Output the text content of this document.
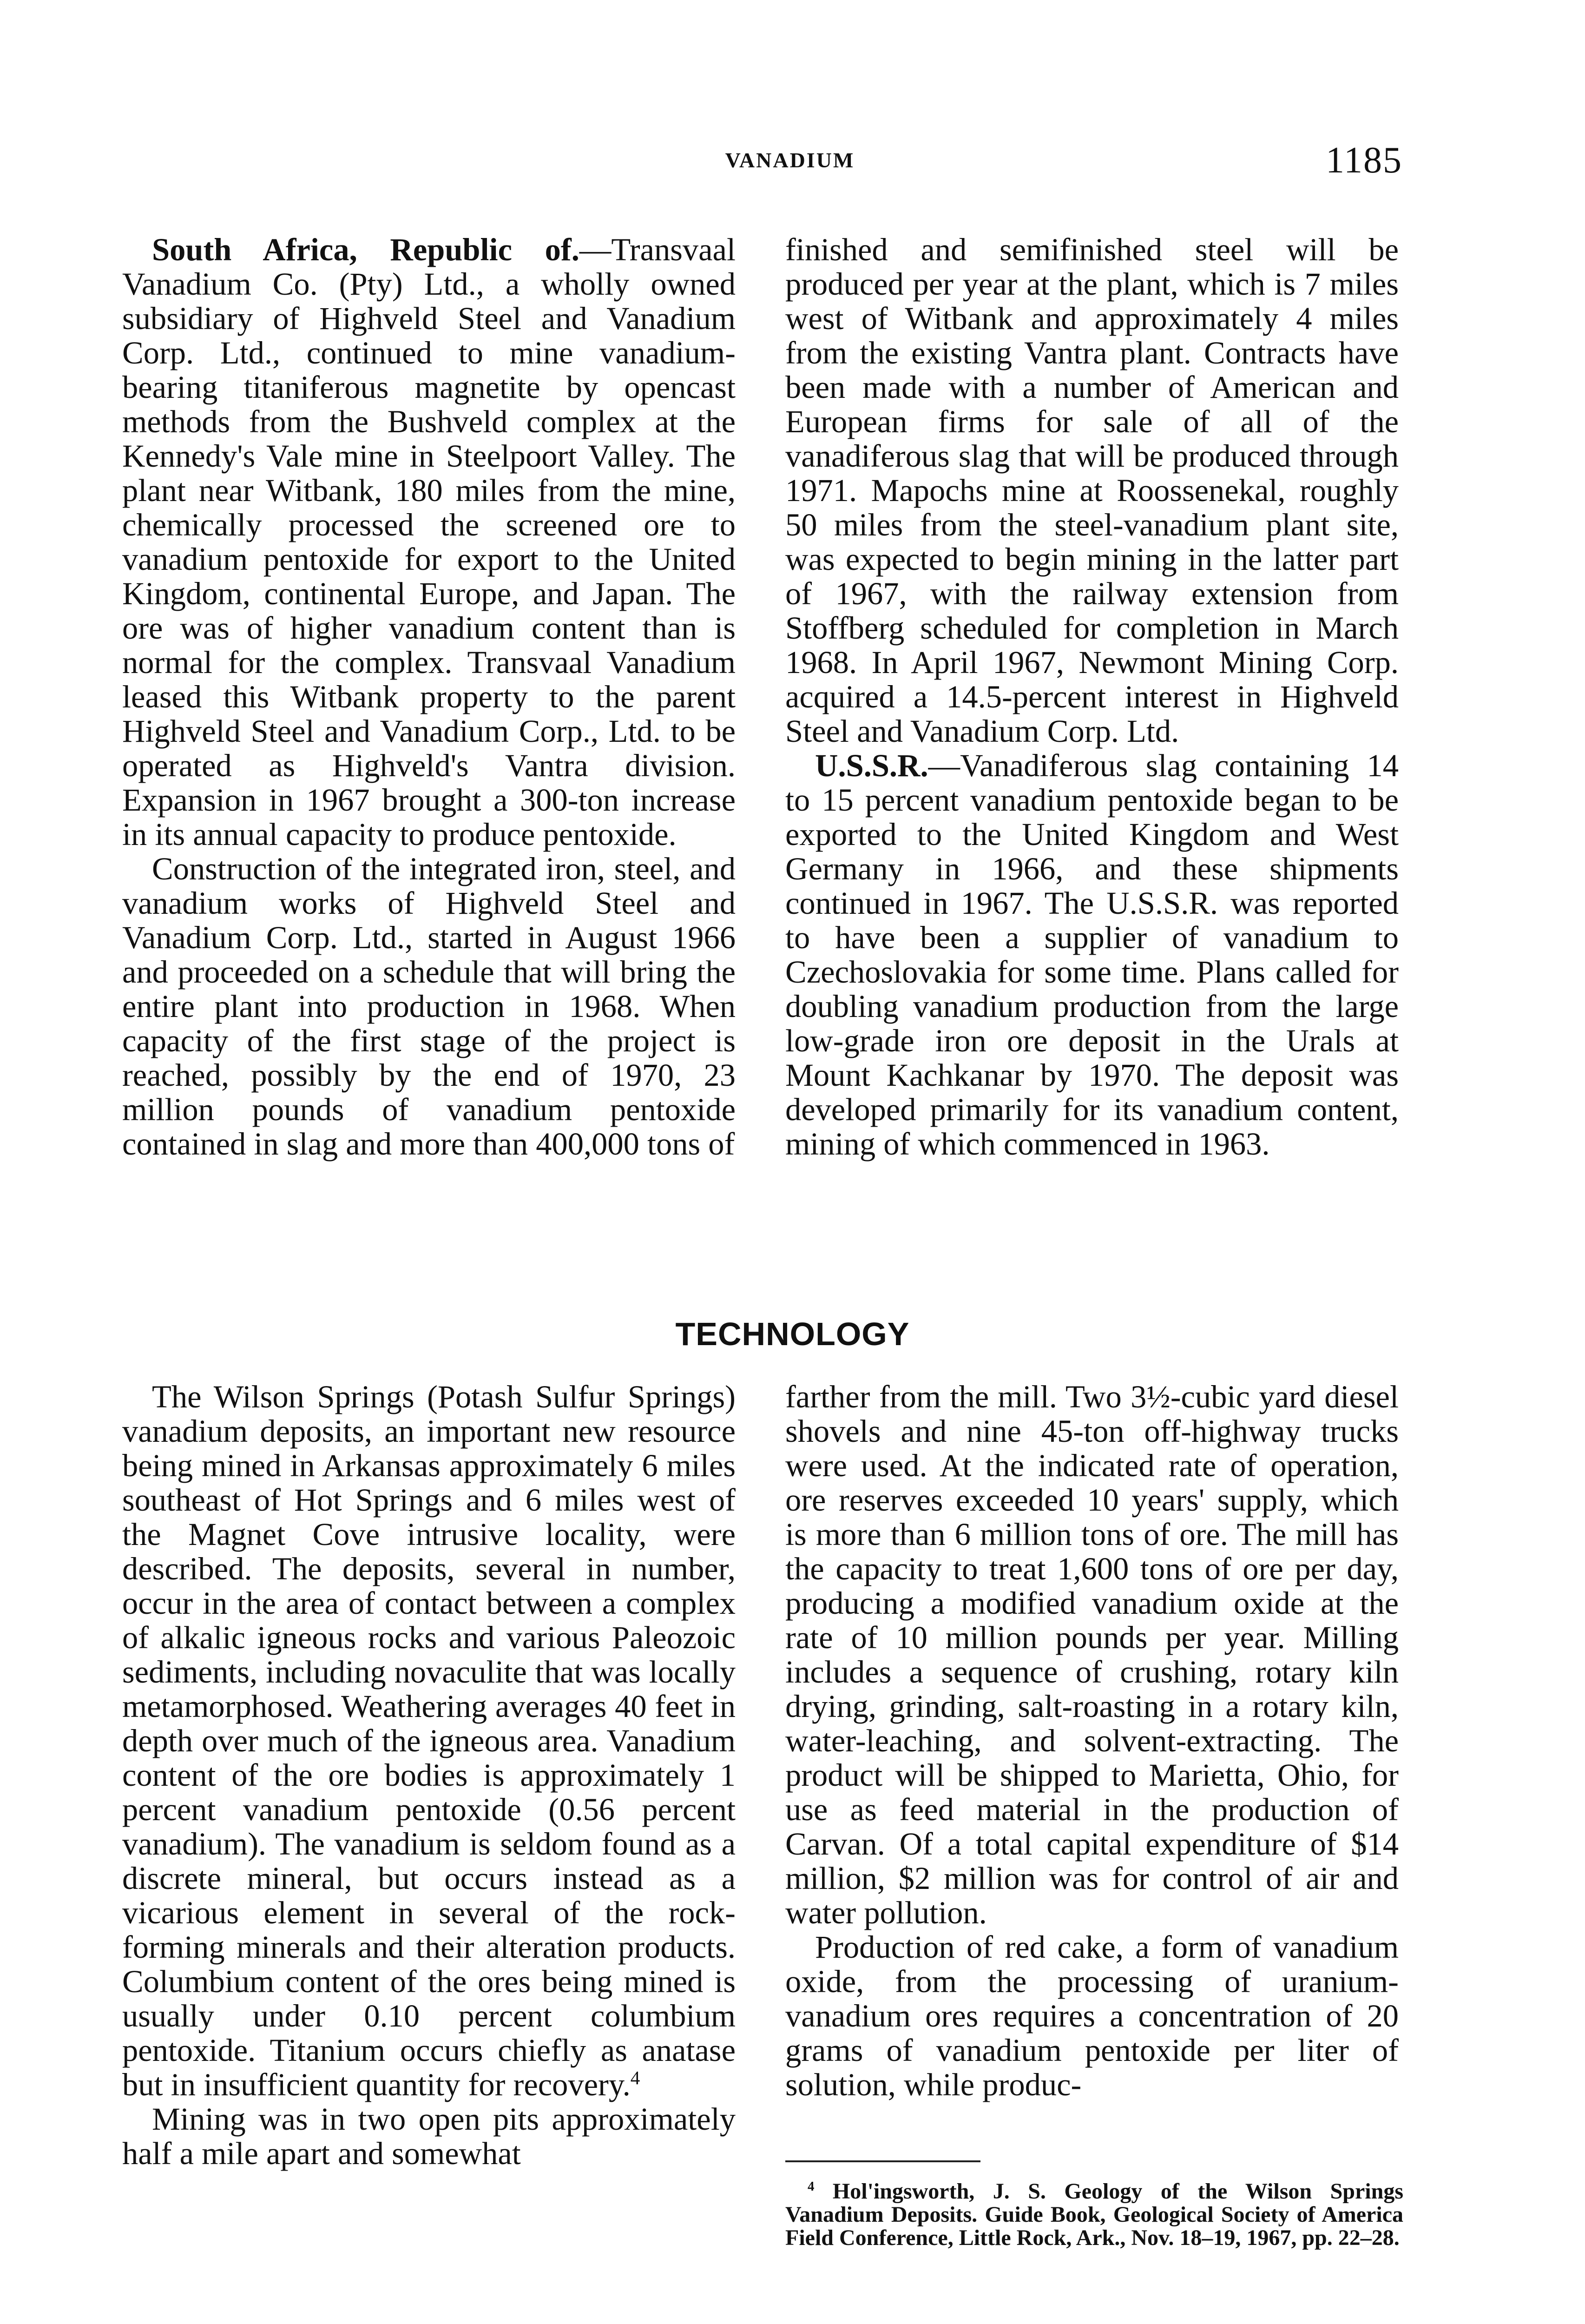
VANADIUM	1185

South Africa, Republic of.—Transvaal Vanadium Co. (Pty) Ltd., a wholly owned subsidiary of Highveld Steel and Vanadium Corp. Ltd., continued to mine vanadium-bearing titaniferous magnetite by opencast methods from the Bushveld complex at the Kennedy's Vale mine in Steelpoort Valley. The plant near Witbank, 180 miles from the mine, chemically processed the screened ore to vanadium pentoxide for export to the United Kingdom, continental Europe, and Japan. The ore was of higher vanadium content than is normal for the complex. Transvaal Vanadium leased this Witbank property to the parent Highveld Steel and Vanadium Corp., Ltd. to be operated as Highveld's Vantra division. Expansion in 1967 brought a 300-ton increase in its annual capacity to produce pentoxide.

Construction of the integrated iron, steel, and vanadium works of Highveld Steel and Vanadium Corp. Ltd., started in August 1966 and proceeded on a schedule that will bring the entire plant into production in 1968. When capacity of the first stage of the project is reached, possibly by the end of 1970, 23 million pounds of vanadium pentoxide contained in slag and more than 400,000 tons of

finished and semifinished steel will be produced per year at the plant, which is 7 miles west of Witbank and approximately 4 miles from the existing Vantra plant. Contracts have been made with a number of American and European firms for sale of all of the vanadiferous slag that will be produced through 1971. Mapochs mine at Roossenekal, roughly 50 miles from the steel-vanadium plant site, was expected to begin mining in the latter part of 1967, with the railway extension from Stoffberg scheduled for completion in March 1968. In April 1967, Newmont Mining Corp. acquired a 14.5-percent interest in Highveld Steel and Vanadium Corp. Ltd.

U.S.S.R.—Vanadiferous slag containing 14 to 15 percent vanadium pentoxide began to be exported to the United Kingdom and West Germany in 1966, and these shipments continued in 1967. The U.S.S.R. was reported to have been a supplier of vanadium to Czechoslovakia for some time. Plans called for doubling vanadium production from the large low-grade iron ore deposit in the Urals at Mount Kachkanar by 1970. The deposit was developed primarily for its vanadium content, mining of which commenced in 1963.

TECHNOLOGY

The Wilson Springs (Potash Sulfur Springs) vanadium deposits, an important new resource being mined in Arkansas approximately 6 miles southeast of Hot Springs and 6 miles west of the Magnet Cove intrusive locality, were described. The deposits, several in number, occur in the area of contact between a complex of alkalic igneous rocks and various Paleozoic sediments, including novaculite that was locally metamorphosed. Weathering averages 40 feet in depth over much of the igneous area. Vanadium content of the ore bodies is approximately 1 percent vanadium pentoxide (0.56 percent vanadium). The vanadium is seldom found as a discrete mineral, but occurs instead as a vicarious element in several of the rock-forming minerals and their alteration products. Columbium content of the ores being mined is usually under 0.10 percent columbium pentoxide. Titanium occurs chiefly as anatase but in insufficient quantity for recovery.$^4$

Mining was in two open pits approximately half a mile apart and somewhat

farther from the mill. Two 3½-cubic yard diesel shovels and nine 45-ton off-highway trucks were used. At the indicated rate of operation, ore reserves exceeded 10 years' supply, which is more than 6 million tons of ore. The mill has the capacity to treat 1,600 tons of ore per day, producing a modified vanadium oxide at the rate of 10 million pounds per year. Milling includes a sequence of crushing, rotary kiln drying, grinding, salt-roasting in a rotary kiln, water-leaching, and solvent-extracting. The product will be shipped to Marietta, Ohio, for use as feed material in the production of Carvan. Of a total capital expenditure of $14 million, $2 million was for control of air and water pollution.

Production of red cake, a form of vanadium oxide, from the processing of uranium-vanadium ores requires a concentration of 20 grams of vanadium pentoxide per liter of solution, while produc-

$^4$ Hol'ingsworth, J. S. Geology of the Wilson Springs Vanadium Deposits. Guide Book, Geological Society of America Field Conference, Little Rock, Ark., Nov. 18–19, 1967, pp. 22–28.
